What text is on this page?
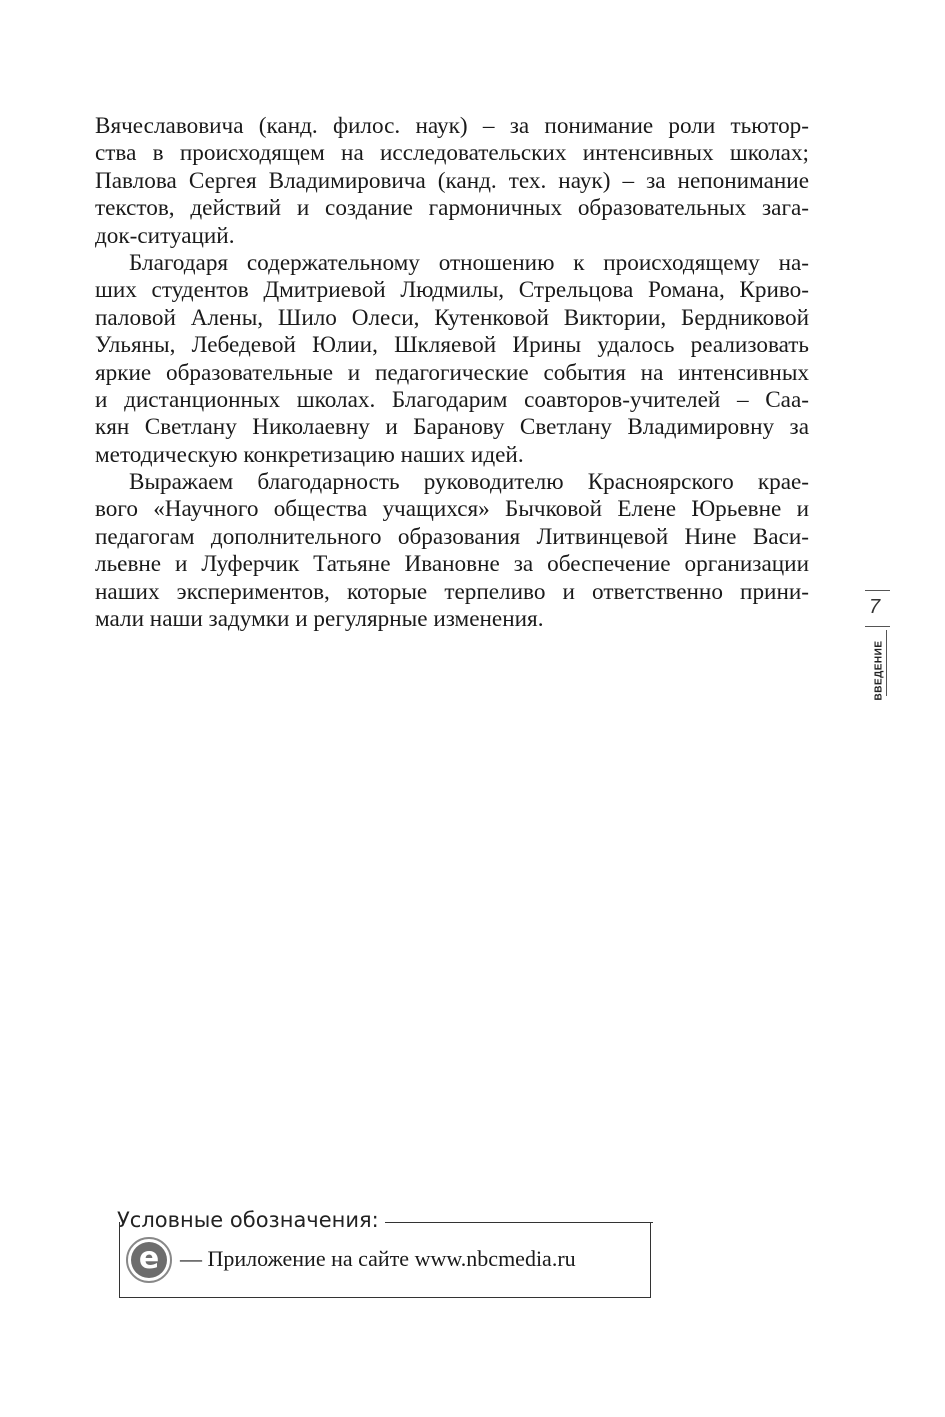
Вячеславовича (канд. филос. наук) – за понимание роли тьютор-
ства в происходящем на исследовательских интенсивных школах;
Павлова Сергея Владимировича (канд. тех. наук) – за непонимание
текстов, действий и создание гармоничных образовательных зага-
док-ситуаций.
Благодаря содержательному отношению к происходящему на-
ших студентов Дмитриевой Людмилы, Стрельцова Романа, Криво-
паловой Алены, Шило Олеси, Кутенковой Виктории, Бердниковой
Ульяны, Лебедевой Юлии, Шкляевой Ирины удалось реализовать
яркие образовательные и педагогические события на интенсивных
и дистанционных школах. Благодарим соавторов-учителей – Саа-
кян Светлану Николаевну и Баранову Светлану Владимировну за
методическую конкретизацию наших идей.
Выражаем благодарность руководителю Красноярского крае-
вого «Научного общества учащихся» Бычковой Елене Юрьевне и
педагогам дополнительного образования Литвинцевой Нине Васи-
льевне и Луферчик Татьяне Ивановне за обеспечение организации
наших экспериментов, которые терпеливо и ответственно прини-
мали наши задумки и регулярные изменения.	7
ВВЕДЕНИЕ
Условные обозначения:
e — Приложение на сайте www.nbcmedia.ru
